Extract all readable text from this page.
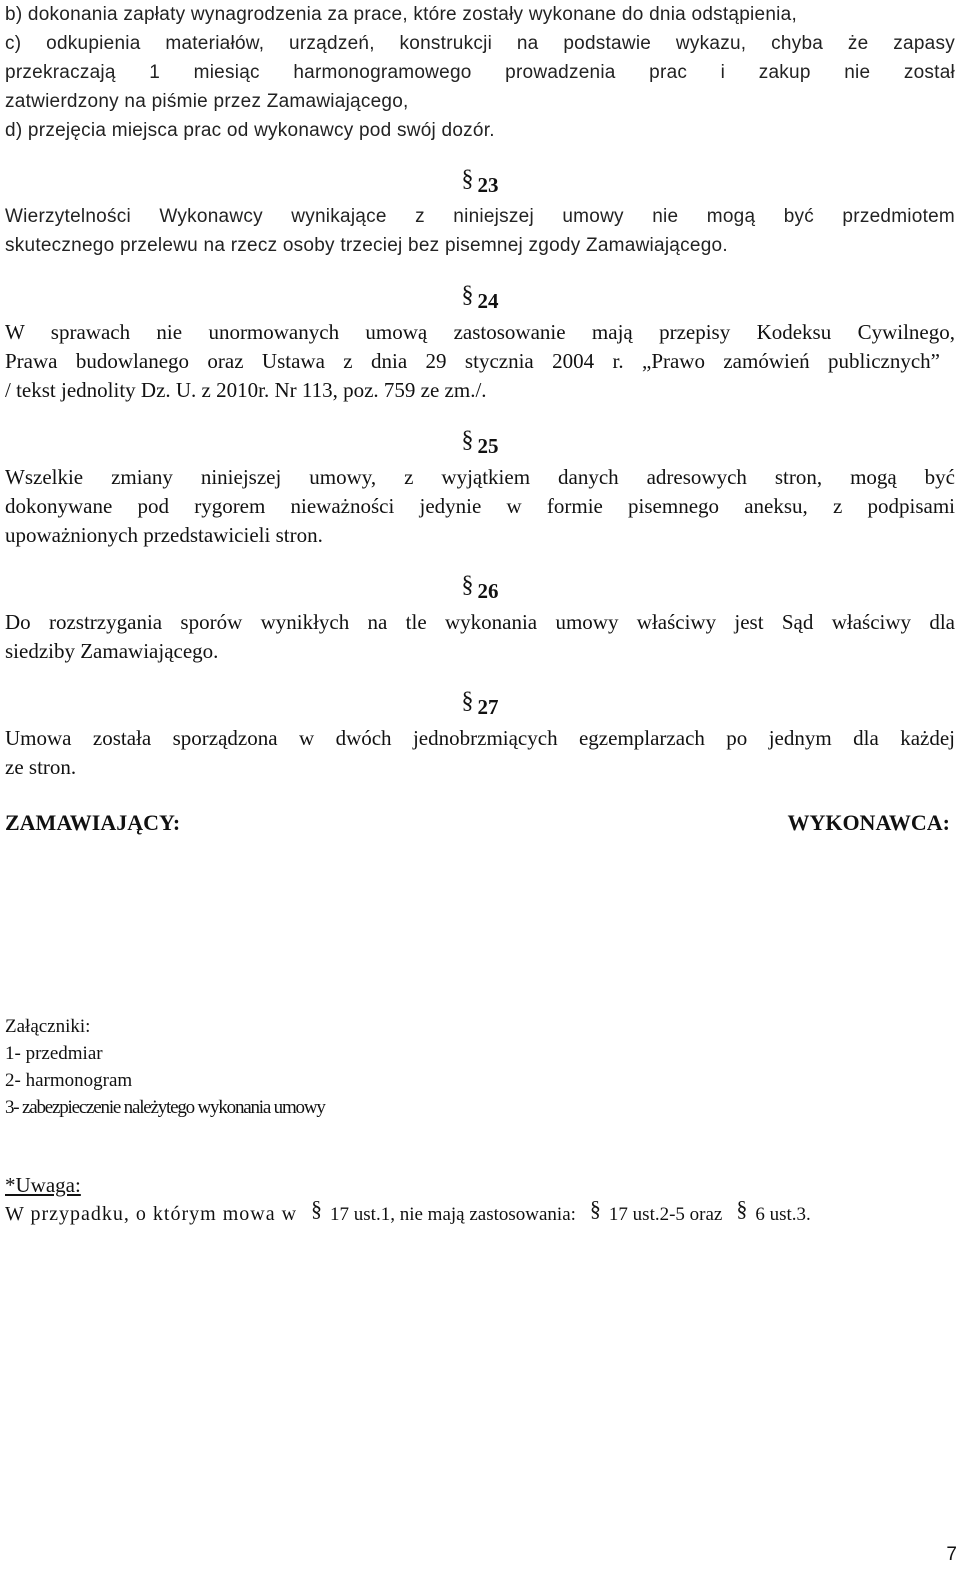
b) dokonania zapłaty wynagrodzenia za prace, które zostały wykonane do dnia odstąpienia,
c) odkupienia materiałów, urządzeń, konstrukcji na podstawie wykazu, chyba że zapasy
przekraczają 1 miesiąc harmonogramowego prowadzenia prac i zakup nie został
zatwierdzony na piśmie przez Zamawiającego,
d) przejęcia miejsca prac od wykonawcy pod swój dozór.
§ 23
Wierzytelności Wykonawcy wynikające z niniejszej umowy nie mogą być przedmiotem
skutecznego przelewu na rzecz osoby trzeciej bez pisemnej zgody Zamawiającego.
§ 24
W sprawach nie unormowanych umową zastosowanie mają przepisy Kodeksu Cywilnego,
Prawa budowlanego oraz Ustawa z dnia 29 stycznia 2004 r. „Prawo zamówień publicznych”
/ tekst jednolity Dz. U. z 2010r. Nr 113, poz. 759 ze zm./.
§ 25
Wszelkie zmiany niniejszej umowy, z wyjątkiem danych adresowych stron, mogą być
dokonywane pod rygorem nieważności jedynie w formie pisemnego aneksu, z podpisami
upoważnionych przedstawicieli stron.
§ 26
Do rozstrzygania sporów wynikłych na tle wykonania umowy właściwy jest Sąd właściwy dla
siedziby Zamawiającego.
§ 27
Umowa została sporządzona w dwóch jednobrzmiących egzemplarzach po jednym dla każdej
ze stron.
ZAMAWIAJĄCY:	WYKONAWCA:
Załączniki:
1- przedmiar
2- harmonogram
3- zabezpieczenie należytego wykonania umowy
*Uwaga:
W przypadku, o którym mowa w § 17 ust.1, nie mają zastosowania: § 17 ust.2-5 oraz § 6 ust.3.
7
